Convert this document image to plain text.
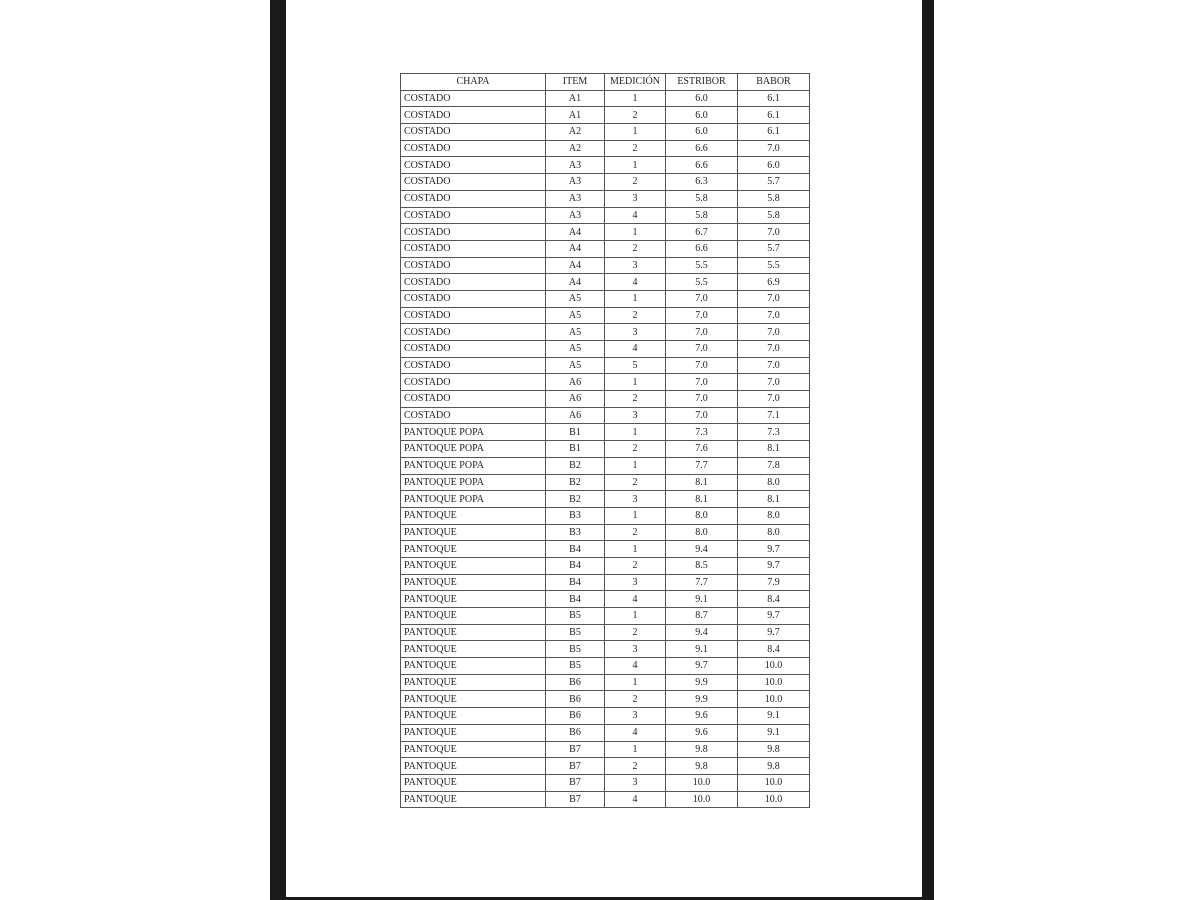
CHAPA	ITEM	MEDICIÓN	ESTRIBOR	BABOR
COSTADO	A1	1	6.0	6.1
COSTADO	A1	2	6.0	6.1
COSTADO	A2	1	6.0	6.1
COSTADO	A2	2	6.6	7.0
COSTADO	A3	1	6.6	6.0
COSTADO	A3	2	6.3	5.7
COSTADO	A3	3	5.8	5.8
COSTADO	A3	4	5.8	5.8
COSTADO	A4	1	6.7	7.0
COSTADO	A4	2	6.6	5.7
COSTADO	A4	3	5.5	5.5
COSTADO	A4	4	5.5	6.9
COSTADO	A5	1	7.0	7.0
COSTADO	A5	2	7.0	7.0
COSTADO	A5	3	7.0	7.0
COSTADO	A5	4	7.0	7.0
COSTADO	A5	5	7.0	7.0
COSTADO	A6	1	7.0	7.0
COSTADO	A6	2	7.0	7.0
COSTADO	A6	3	7.0	7.1
PANTOQUE POPA	B1	1	7.3	7.3
PANTOQUE POPA	B1	2	7.6	8.1
PANTOQUE POPA	B2	1	7.7	7.8
PANTOQUE POPA	B2	2	8.1	8.0
PANTOQUE POPA	B2	3	8.1	8.1
PANTOQUE	B3	1	8.0	8.0
PANTOQUE	B3	2	8.0	8.0
PANTOQUE	B4	1	9.4	9.7
PANTOQUE	B4	2	8.5	9.7
PANTOQUE	B4	3	7.7	7.9
PANTOQUE	B4	4	9.1	8.4
PANTOQUE	B5	1	8.7	9.7
PANTOQUE	B5	2	9.4	9.7
PANTOQUE	B5	3	9.1	8.4
PANTOQUE	B5	4	9.7	10.0
PANTOQUE	B6	1	9.9	10.0
PANTOQUE	B6	2	9.9	10.0
PANTOQUE	B6	3	9.6	9.1
PANTOQUE	B6	4	9.6	9.1
PANTOQUE	B7	1	9.8	9.8
PANTOQUE	B7	2	9.8	9.8
PANTOQUE	B7	3	10.0	10.0
PANTOQUE	B7	4	10.0	10.0
